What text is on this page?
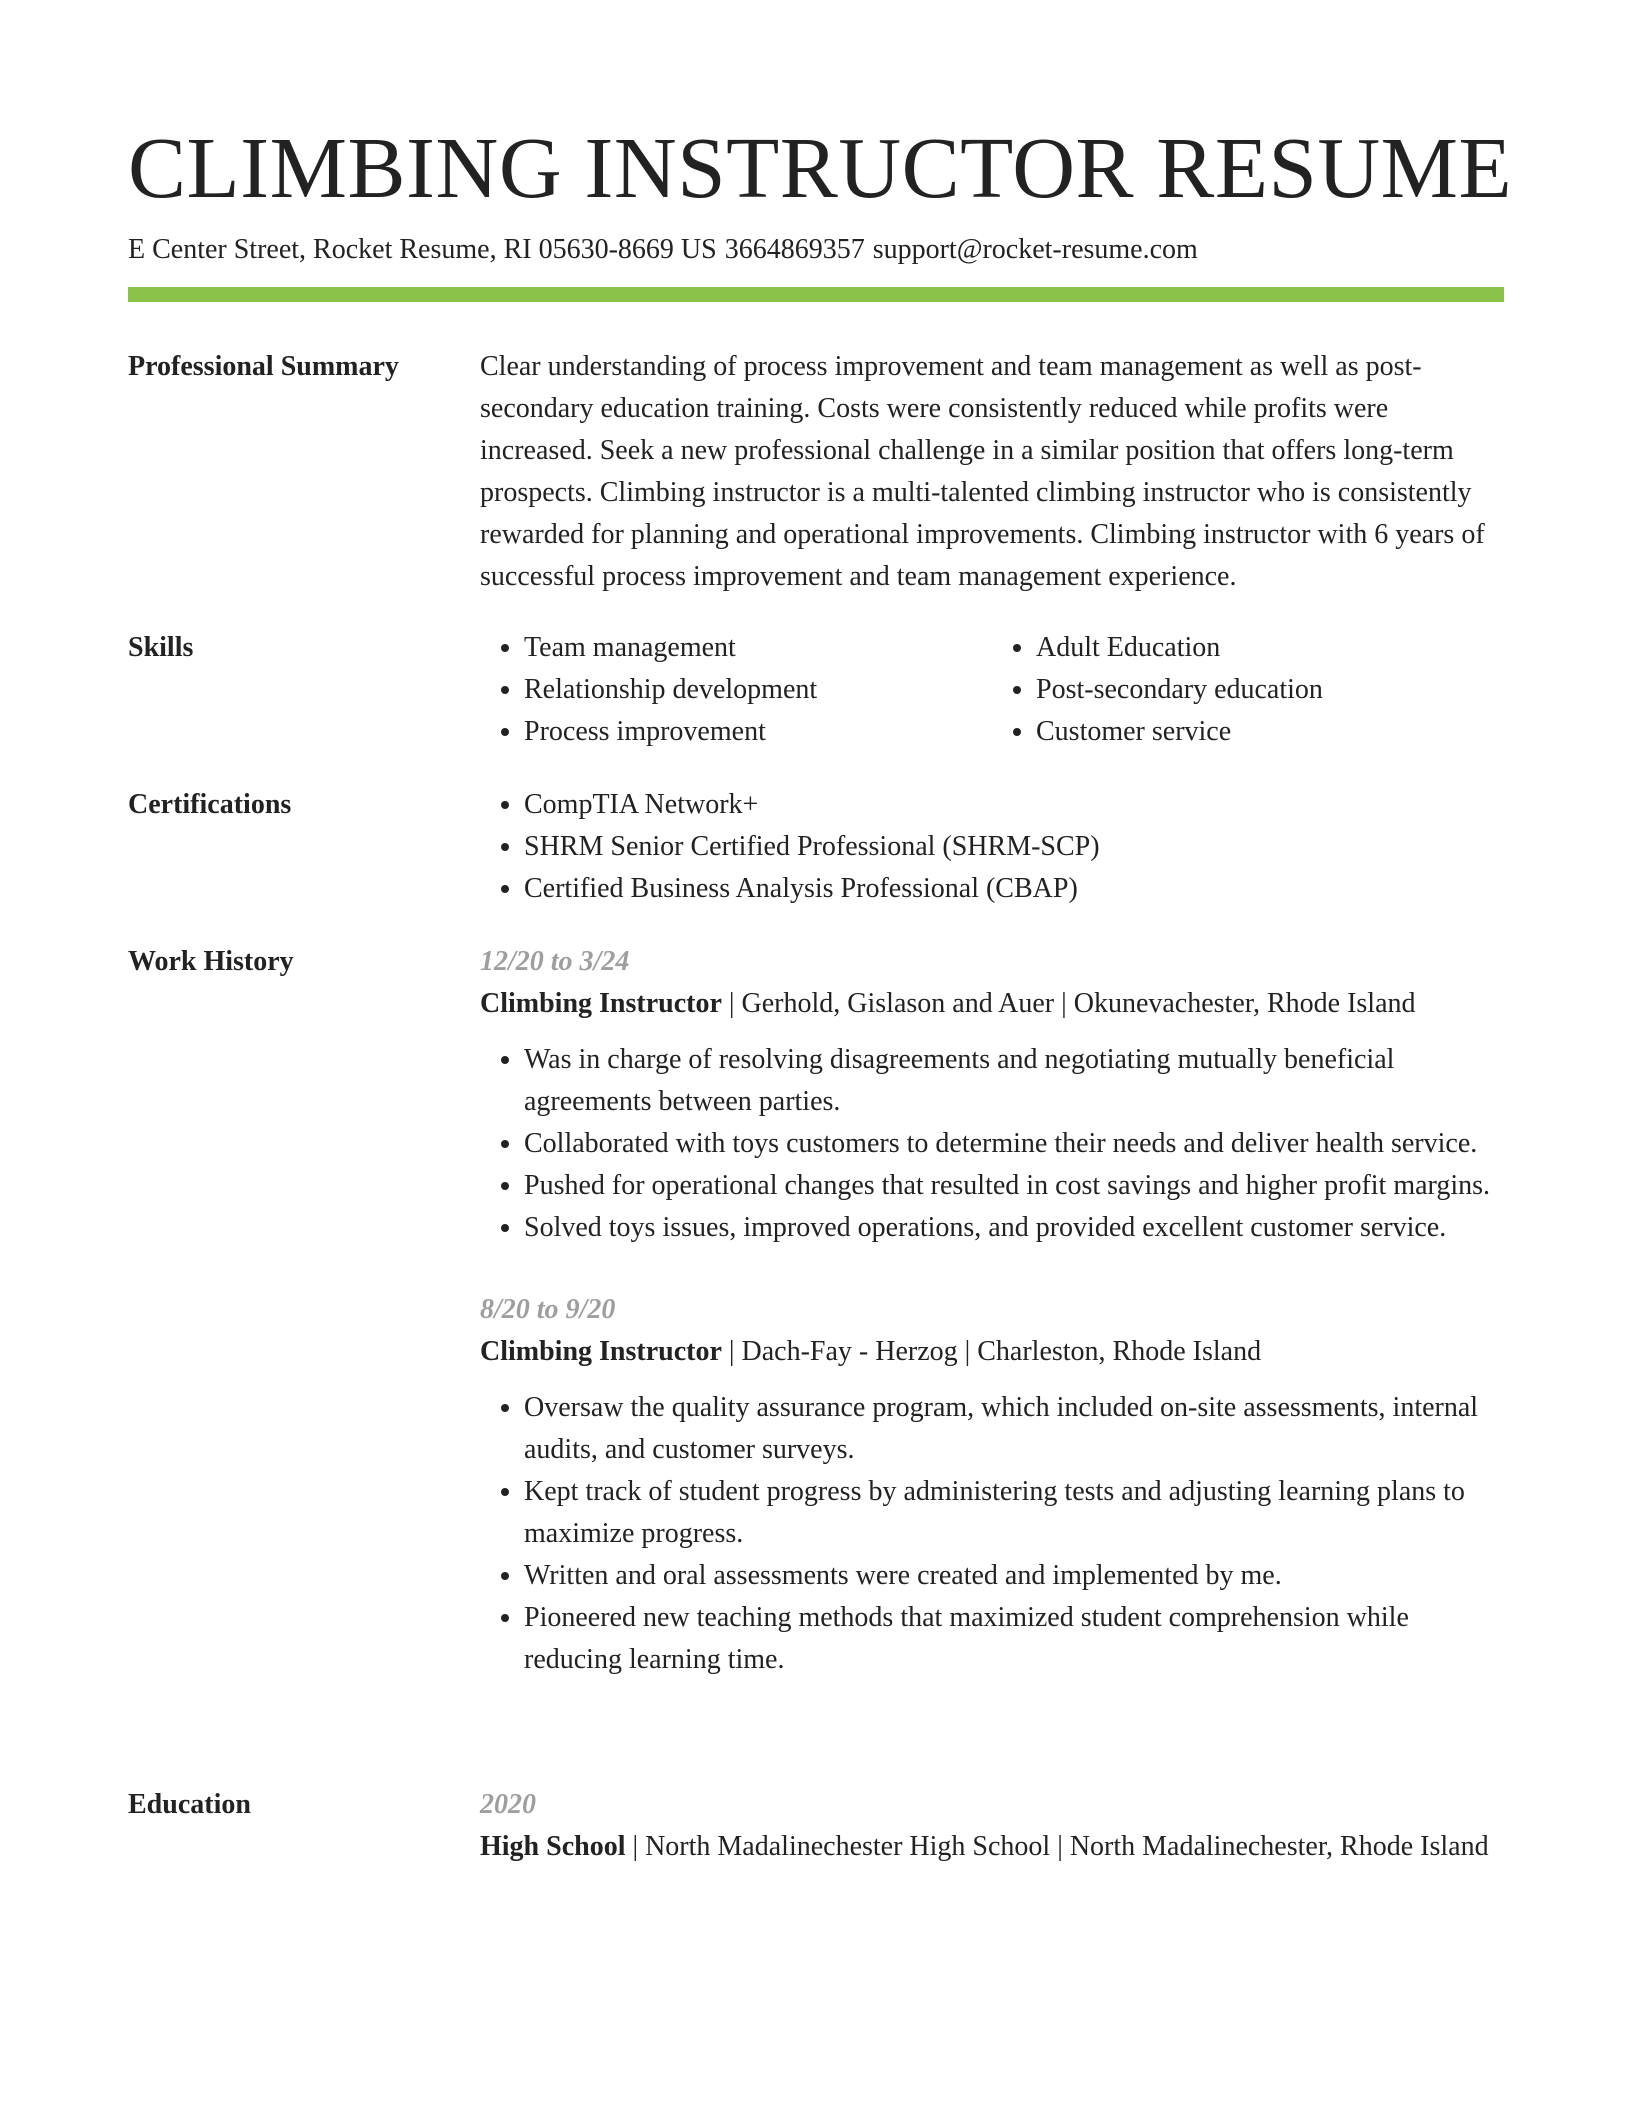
CLIMBING INSTRUCTOR RESUME
E Center Street, Rocket Resume, RI 05630-8669 US 3664869357 support@rocket-resume.com
Professional Summary	Clear understanding of process improvement and team management as well as post-secondary education training. Costs were consistently reduced while profits were increased. Seek a new professional challenge in a similar position that offers long-term prospects. Climbing instructor is a multi-talented climbing instructor who is consistently rewarded for planning and operational improvements. Climbing instructor with 6 years of successful process improvement and team management experience.

Skills	• Team management
• Relationship development
• Process improvement
• Adult Education
• Post-secondary education
• Customer service
Certifications	• CompTIA Network+
• SHRM Senior Certified Professional (SHRM-SCP)
• Certified Business Analysis Professional (CBAP)
Work History	12/20 to 3/24

Climbing Instructor | Gerhold, Gislason and Auer | Okunevachester, Rhode Island

• Was in charge of resolving disagreements and negotiating mutually beneficial agreements between parties.
• Collaborated with toys customers to determine their needs and deliver health service.
• Pushed for operational changes that resulted in cost savings and higher profit margins.
• Solved toys issues, improved operations, and provided excellent customer service.
8/20 to 9/20

Climbing Instructor | Dach-Fay - Herzog | Charleston, Rhode Island

• Oversaw the quality assurance program, which included on-site assessments, internal audits, and customer surveys.
• Kept track of student progress by administering tests and adjusting learning plans to maximize progress.
• Written and oral assessments were created and implemented by me.
• Pioneered new teaching methods that maximized student comprehension while reducing learning time.
Education	2020

High School | North Madalinechester High School | North Madalinechester, Rhode Island
